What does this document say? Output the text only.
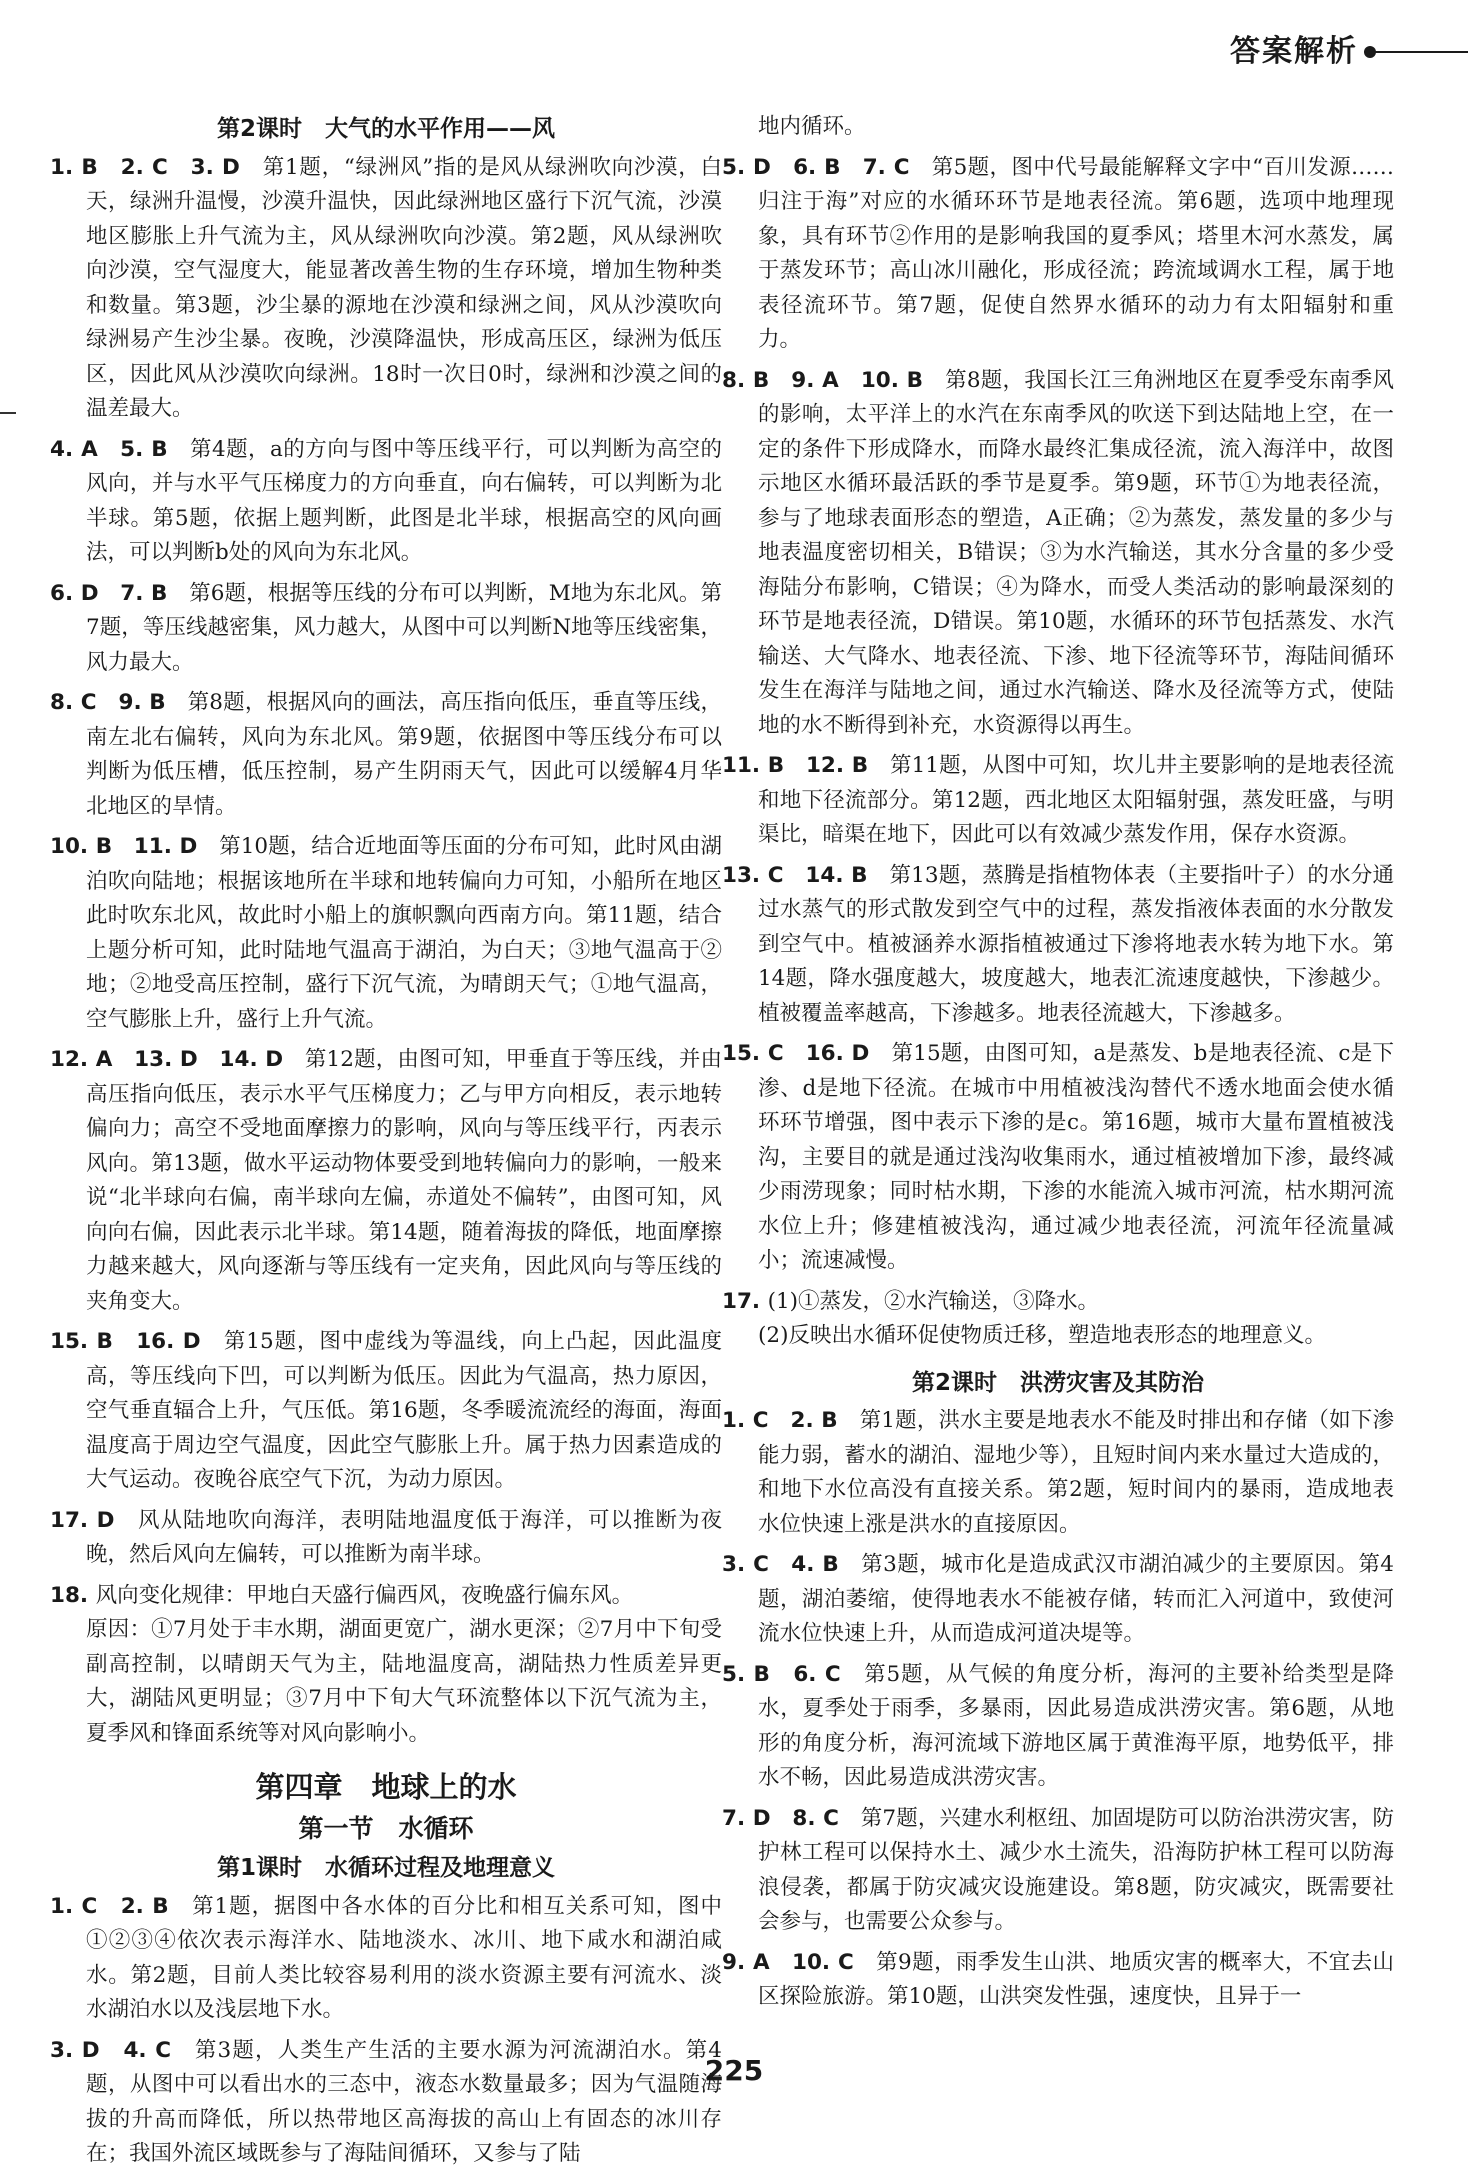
答案解析
第2课时　大气的水平作用——风
1. B　2. C　3. D　第1题，“绿洲风”指的是风从绿洲吹向沙漠，白天，绿洲升温慢，沙漠升温快，因此绿洲地区盛行下沉气流，沙漠地区膨胀上升气流为主，风从绿洲吹向沙漠。第2题，风从绿洲吹向沙漠，空气湿度大，能显著改善生物的生存环境，增加生物种类和数量。第3题，沙尘暴的源地在沙漠和绿洲之间，风从沙漠吹向绿洲易产生沙尘暴。夜晚，沙漠降温快，形成高压区，绿洲为低压区，因此风从沙漠吹向绿洲。18时一次日0时，绿洲和沙漠之间的温差最大。
4. A　5. B　第4题，a的方向与图中等压线平行，可以判断为高空的风向，并与水平气压梯度力的方向垂直，向右偏转，可以判断为北半球。第5题，依据上题判断，此图是北半球，根据高空的风向画法，可以判断b处的风向为东北风。
6. D　7. B　第6题，根据等压线的分布可以判断，M地为东北风。第7题，等压线越密集，风力越大，从图中可以判断N地等压线密集，风力最大。
8. C　9. B　第8题，根据风向的画法，高压指向低压，垂直等压线，南左北右偏转，风向为东北风。第9题，依据图中等压线分布可以判断为低压槽，低压控制，易产生阴雨天气，因此可以缓解4月华北地区的旱情。
10. B　11. D　第10题，结合近地面等压面的分布可知，此时风由湖泊吹向陆地；根据该地所在半球和地转偏向力可知，小船所在地区此时吹东北风，故此时小船上的旗帜飘向西南方向。第11题，结合上题分析可知，此时陆地气温高于湖泊，为白天；③地气温高于②地；②地受高压控制，盛行下沉气流，为晴朗天气；①地气温高，空气膨胀上升，盛行上升气流。
12. A　13. D　14. D　第12题，由图可知，甲垂直于等压线，并由高压指向低压，表示水平气压梯度力；乙与甲方向相反，表示地转偏向力；高空不受地面摩擦力的影响，风向与等压线平行，丙表示风向。第13题，做水平运动物体要受到地转偏向力的影响，一般来说“北半球向右偏，南半球向左偏，赤道处不偏转”，由图可知，风向向右偏，因此表示北半球。第14题，随着海拔的降低，地面摩擦力越来越大，风向逐渐与等压线有一定夹角，因此风向与等压线的夹角变大。
15. B　16. D　第15题，图中虚线为等温线，向上凸起，因此温度高，等压线向下凹，可以判断为低压。因此为气温高，热力原因，空气垂直辐合上升，气压低。第16题，冬季暖流流经的海面，海面温度高于周边空气温度，因此空气膨胀上升。属于热力因素造成的大气运动。夜晚谷底空气下沉，为动力原因。
17. D　风从陆地吹向海洋，表明陆地温度低于海洋，可以推断为夜晚，然后风向左偏转，可以推断为南半球。
18. 风向变化规律：甲地白天盛行偏西风，夜晚盛行偏东风。
原因：①7月处于丰水期，湖面更宽广，湖水更深；②7月中下旬受副高控制，以晴朗天气为主，陆地温度高，湖陆热力性质差异更大，湖陆风更明显；③7月中下旬大气环流整体以下沉气流为主，夏季风和锋面系统等对风向影响小。
第四章　地球上的水
第一节　水循环
第1课时　水循环过程及地理意义
1. C　2. B　第1题，据图中各水体的百分比和相互关系可知，图中①②③④依次表示海洋水、陆地淡水、冰川、地下咸水和湖泊咸水。第2题，目前人类比较容易利用的淡水资源主要有河流水、淡水湖泊水以及浅层地下水。
3. D　4. C　第3题，人类生产生活的主要水源为河流湖泊水。第4题，从图中可以看出水的三态中，液态水数量最多；因为气温随海拔的升高而降低，所以热带地区高海拔的高山上有固态的冰川存在；我国外流区域既参与了海陆间循环，又参与了陆
地内循环。
5. D　6. B　7. C　第5题，图中代号最能解释文字中“百川发源……归注于海”对应的水循环环节是地表径流。第6题，选项中地理现象，具有环节②作用的是影响我国的夏季风；塔里木河水蒸发，属于蒸发环节；高山冰川融化，形成径流；跨流域调水工程，属于地表径流环节。第7题，促使自然界水循环的动力有太阳辐射和重力。
8. B　9. A　10. B　第8题，我国长江三角洲地区在夏季受东南季风的影响，太平洋上的水汽在东南季风的吹送下到达陆地上空，在一定的条件下形成降水，而降水最终汇集成径流，流入海洋中，故图示地区水循环最活跃的季节是夏季。第9题，环节①为地表径流，参与了地球表面形态的塑造，A正确；②为蒸发，蒸发量的多少与地表温度密切相关，B错误；③为水汽输送，其水分含量的多少受海陆分布影响，C错误；④为降水，而受人类活动的影响最深刻的环节是地表径流，D错误。第10题，水循环的环节包括蒸发、水汽输送、大气降水、地表径流、下渗、地下径流等环节，海陆间循环发生在海洋与陆地之间，通过水汽输送、降水及径流等方式，使陆地的水不断得到补充，水资源得以再生。
11. B　12. B　第11题，从图中可知，坎儿井主要影响的是地表径流和地下径流部分。第12题，西北地区太阳辐射强，蒸发旺盛，与明渠比，暗渠在地下，因此可以有效减少蒸发作用，保存水资源。
13. C　14. B　第13题，蒸腾是指植物体表（主要指叶子）的水分通过水蒸气的形式散发到空气中的过程，蒸发指液体表面的水分散发到空气中。植被涵养水源指植被通过下渗将地表水转为地下水。第14题，降水强度越大，坡度越大，地表汇流速度越快，下渗越少。植被覆盖率越高，下渗越多。地表径流越大，下渗越多。
15. C　16. D　第15题，由图可知，a是蒸发、b是地表径流、c是下渗、d是地下径流。在城市中用植被浅沟替代不透水地面会使水循环环节增强，图中表示下渗的是c。第16题，城市大量布置植被浅沟，主要目的就是通过浅沟收集雨水，通过植被增加下渗，最终减少雨涝现象；同时枯水期，下渗的水能流入城市河流，枯水期河流水位上升；修建植被浅沟，通过减少地表径流，河流年径流量减小；流速减慢。
17. (1)①蒸发，②水汽输送，③降水。
(2)反映出水循环促使物质迁移，塑造地表形态的地理意义。
第2课时　洪涝灾害及其防治
1. C　2. B　第1题，洪水主要是地表水不能及时排出和存储（如下渗能力弱，蓄水的湖泊、湿地少等），且短时间内来水量过大造成的，和地下水位高没有直接关系。第2题，短时间内的暴雨，造成地表水位快速上涨是洪水的直接原因。
3. C　4. B　第3题，城市化是造成武汉市湖泊减少的主要原因。第4题，湖泊萎缩，使得地表水不能被存储，转而汇入河道中，致使河流水位快速上升，从而造成河道决堤等。
5. B　6. C　第5题，从气候的角度分析，海河的主要补给类型是降水，夏季处于雨季，多暴雨，因此易造成洪涝灾害。第6题，从地形的角度分析，海河流域下游地区属于黄淮海平原，地势低平，排水不畅，因此易造成洪涝灾害。
7. D　8. C　第7题，兴建水利枢纽、加固堤防可以防治洪涝灾害，防护林工程可以保持水土、减少水土流失，沿海防护林工程可以防海浪侵袭，都属于防灾减灾设施建设。第8题，防灾减灾，既需要社会参与，也需要公众参与。
9. A　10. C　第9题，雨季发生山洪、地质灾害的概率大，不宜去山区探险旅游。第10题，山洪突发性强，速度快，且异于一
225
